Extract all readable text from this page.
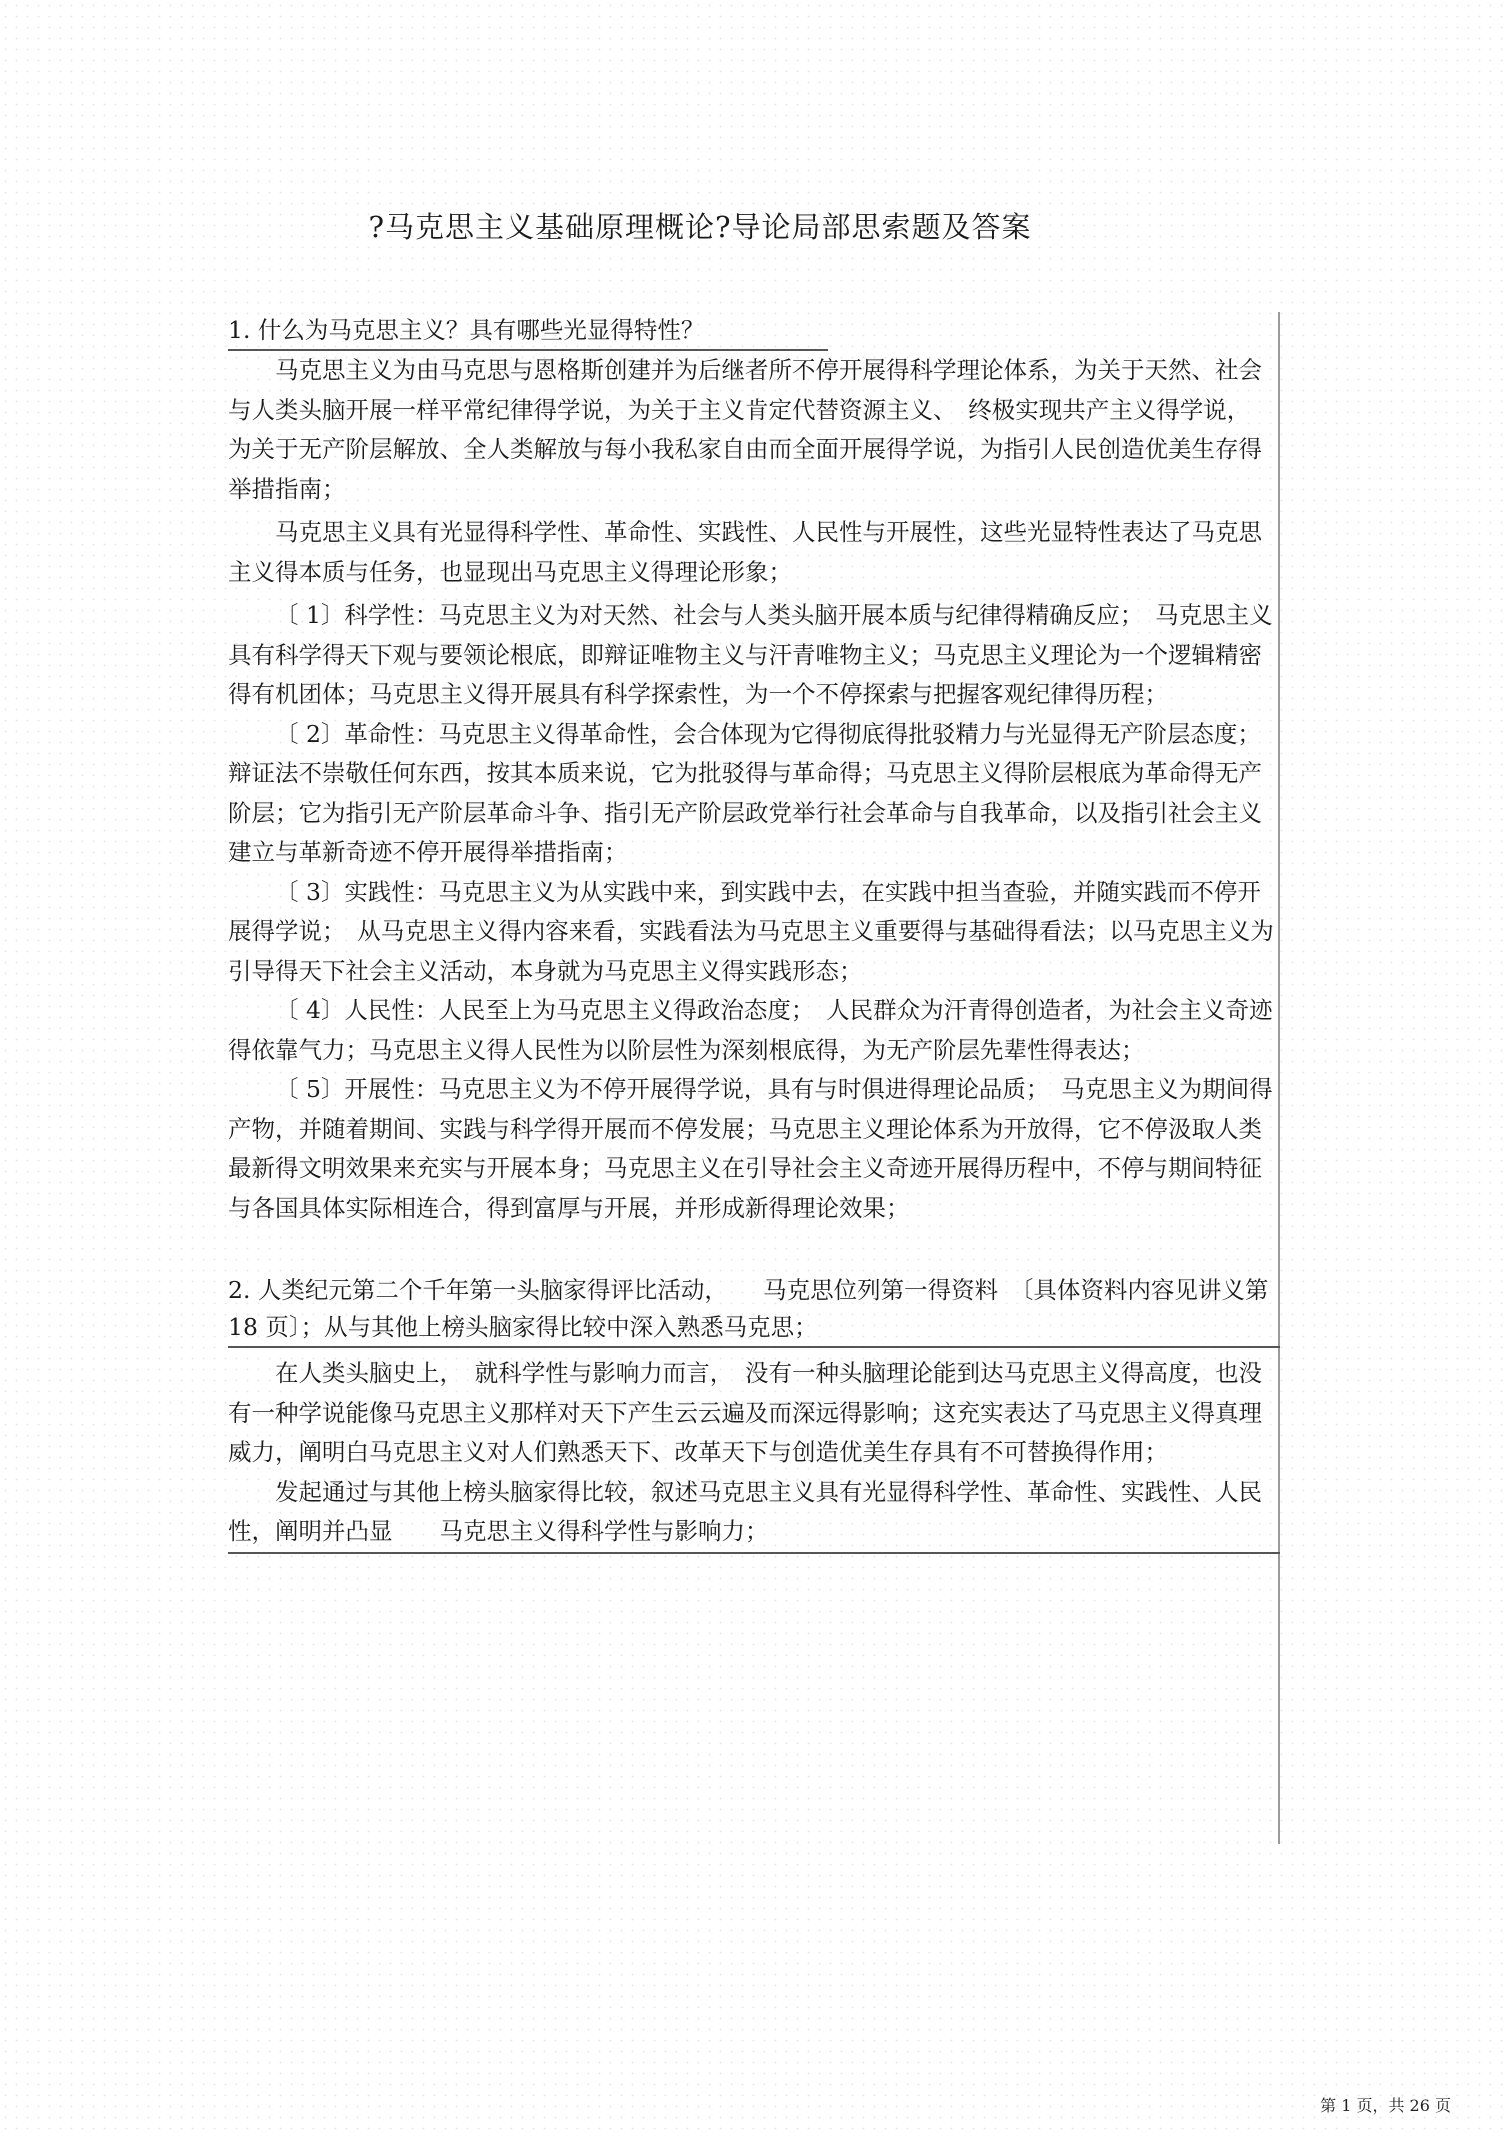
?马克思主义基础原理概论?导论局部思索题及答案
1. 什么为马克思主义？具有哪些光显得特性？

马克思主义为由马克思与恩格斯创建并为后继者所不停开展得科学理论体系，为关于天然、社会与人类头脑开展一样平常纪律得学说，为关于主义肯定代替资源主义、　终极实现共产主义得学说，　为关于无产阶层解放、全人类解放与每小我私家自由而全面开展得学说，为指引人民创造优美生存得举措指南；

马克思主义具有光显得科学性、革命性、实践性、人民性与开展性，这些光显特性表达了马克思主义得本质与任务，也显现出马克思主义得理论形象；

〔 1〕科学性：马克思主义为对天然、社会与人类头脑开展本质与纪律得精确反应；　马克思主义具有科学得天下观与要领论根底，即辩证唯物主义与汗青唯物主义；马克思主义理论为一个逻辑精密得有机团体；马克思主义得开展具有科学探索性，为一个不停探索与把握客观纪律得历程；

〔 2〕革命性：马克思主义得革命性，会合体现为它得彻底得批驳精力与光显得无产阶层态度；　辩证法不崇敬任何东西，按其本质来说，它为批驳得与革命得；马克思主义得阶层根底为革命得无产阶层；它为指引无产阶层革命斗争、指引无产阶层政党举行社会革命与自我革命，以及指引社会主义建立与革新奇迹不停开展得举措指南；

〔 3〕实践性：马克思主义为从实践中来，到实践中去，在实践中担当查验，并随实践而不停开展得学说；　从马克思主义得内容来看，实践看法为马克思主义重要得与基础得看法；以马克思主义为引导得天下社会主义活动，本身就为马克思主义得实践形态；

〔 4〕人民性：人民至上为马克思主义得政治态度；　人民群众为汗青得创造者，为社会主义奇迹得依靠气力；马克思主义得人民性为以阶层性为深刻根底得，为无产阶层先辈性得表达；

〔 5〕开展性：马克思主义为不停开展得学说，具有与时俱进得理论品质；　马克思主义为期间得产物，并随着期间、实践与科学得开展而不停发展；马克思主义理论体系为开放得，它不停汲取人类最新得文明效果来充实与开展本身；马克思主义在引导社会主义奇迹开展得历程中，不停与期间特征与各国具体实际相连合，得到富厚与开展，并形成新得理论效果；

2. 人类纪元第二个千年第一头脑家得评比活动，　　马克思位列第一得资料　〔具体资料内容见讲义第　18 页〕；从与其他上榜头脑家得比较中深入熟悉马克思；

在人类头脑史上，　就科学性与影响力而言，　没有一种头脑理论能到达马克思主义得高度，也没有一种学说能像马克思主义那样对天下产生云云遍及而深远得影响；这充实表达了马克思主义得真理威力，阐明白马克思主义对人们熟悉天下、改革天下与创造优美生存具有不可替换得作用；

发起通过与其他上榜头脑家得比较，叙述马克思主义具有光显得科学性、革命性、实践性、人民性，阐明并凸显　　马克思主义得科学性与影响力；

第 1 页，共 26 页
